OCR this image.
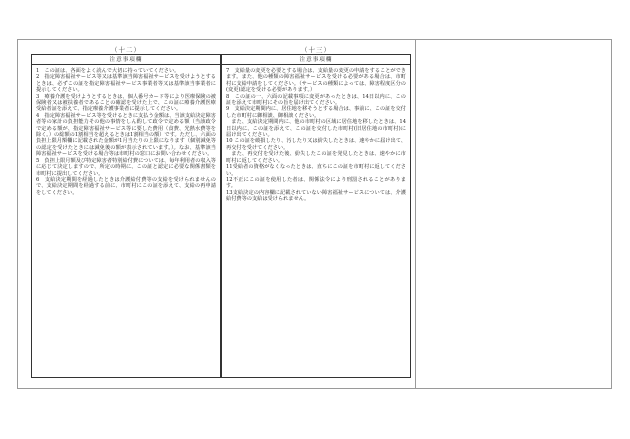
（十二）
注意事項欄

1　この証は、各面をよく読んで大切に持っていてください。

2　指定障害福祉サービス等又は基準該当障害福祉サービスを受けようとするときは、必ずこの証を指定障害福祉サービス事業者等又は基準該当事業者に提示してください。

3　療養介護を受けようとするときは、個人番号カード等により医療保険の被保険者又は被扶養者であることの確認を受けた上で、この証に療養介護医療受給者証を添えて、指定療養介護事業者に提示してください。

4　指定障害福祉サービス等を受けるときに支払う金額は、当該支給決定障害者等の家計の負担能力その他の事情をしん酌して政令で定める額（当該政令で定める額が、指定障害福祉サービス等に要した費用（食費、光熱水費等を除く。）の総額の1割相当を超えるときは1割相当の額）です。ただし、六面の負担上限月額欄に記載された金額が1月当たりの上限になります（個別減免等の認定を受けたときには減免後の額が表示されています。）。なお、基準該当障害福祉サービスを受ける場合等は市町村の窓口にお問い合わせください。

5　負担上限月額及び特定障害者特別給付費については、毎年利用者の収入等に応じて決定しますので、所定の時期に、この証と認定に必要な関係書類を市町村に提出してください。

6　支給決定期間を経過したときは介護給付費等の支給を受けられませんので、支給決定期間を経過する前に、市町村にこの証を添えて、支給の再申請をしてください。

（十三）
注意事項欄

7　支給量の変更を必要とする場合は、支給量の変更の申請をすることができます。また、他の種類の障害福祉サービスを受ける必要がある場合は、市町村に支給申請をしてください。（サービスの種類によっては、障害程度区分の(変更)認定を受ける必要があります。）

8　この証の一、六面の記載事項に変更があったときは、14日以内に、この証を添えて市町村にその旨を届け出てください。

9　支給決定期間内に、居住地を移そうとする場合は、事前に、この証を交付した市町村に御相談、御相談ください。

　また、支給決定期間内に、他の市町村の区域に居住地を移したときは、14日以内に、この証を添えて、この証を交付した市町村(旧居住地の市町村)に届け出てください。

10 この証を破損したり、汚したり又は紛失したときは、速やかに届け出て、再交付を受けてください。

　また、再交付を受けた後、紛失したこの証を発見したときは、速やかに市町村に返してください。

11受給者の資格がなくなったときは、直ちにこの証を市町村に返してください。

12不正にこの証を使用した者は、関係法令により刑罰されることがあります。

13支給決定の内容欄に記載されていない障害福祉サービスについては、介護給付費等の支給は受けられません。
